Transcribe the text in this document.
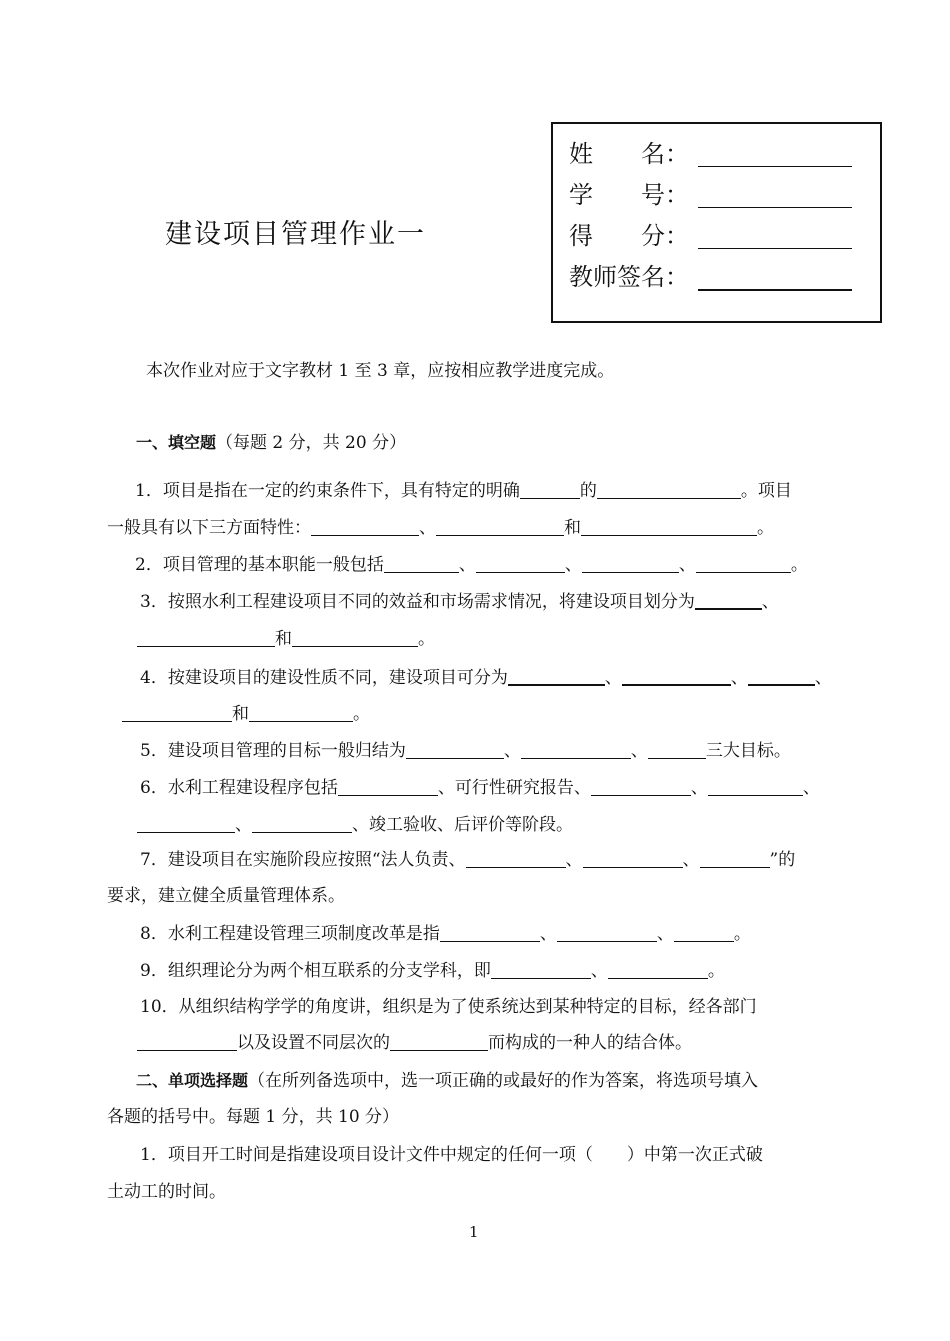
建设项目管理作业一
姓　　名：
学　　号：
得　　分：
教师签名：
本次作业对应于文字教材 1 至 3 章，应按相应教学进度完成。
一、填空题（每题 2 分，共 20 分）
1．项目是指在一定的约束条件下，具有特定的明确	的	。项目
一般具有以下三方面特性：	、	和	。
2．项目管理的基本职能一般包括	、	、	、	。
3．按照水利工程建设项目不同的效益和市场需求情况，将建设项目划分为	、
和	。
4．按建设项目的建设性质不同，建设项目可分为	、	、	、
和	。
5．建设项目管理的目标一般归结为	、	、	三大目标。
6．水利工程建设程序包括	、可行性研究报告、	、	、
、	、竣工验收、后评价等阶段。
7．建设项目在实施阶段应按照“法人负责、	、	、	”的
要求，建立健全质量管理体系。
8．水利工程建设管理三项制度改革是指	、	、	。
9．组织理论分为两个相互联系的分支学科，即	、	。
10．从组织结构学学的角度讲，组织是为了使系统达到某种特定的目标，经各部门
以及设置不同层次的	而构成的一种人的结合体。
二、单项选择题（在所列备选项中，选一项正确的或最好的作为答案，将选项号填入
各题的括号中。每题 1 分，共 10 分）
1．项目开工时间是指建设项目设计文件中规定的任何一项（　　）中第一次正式破
土动工的时间。
1
